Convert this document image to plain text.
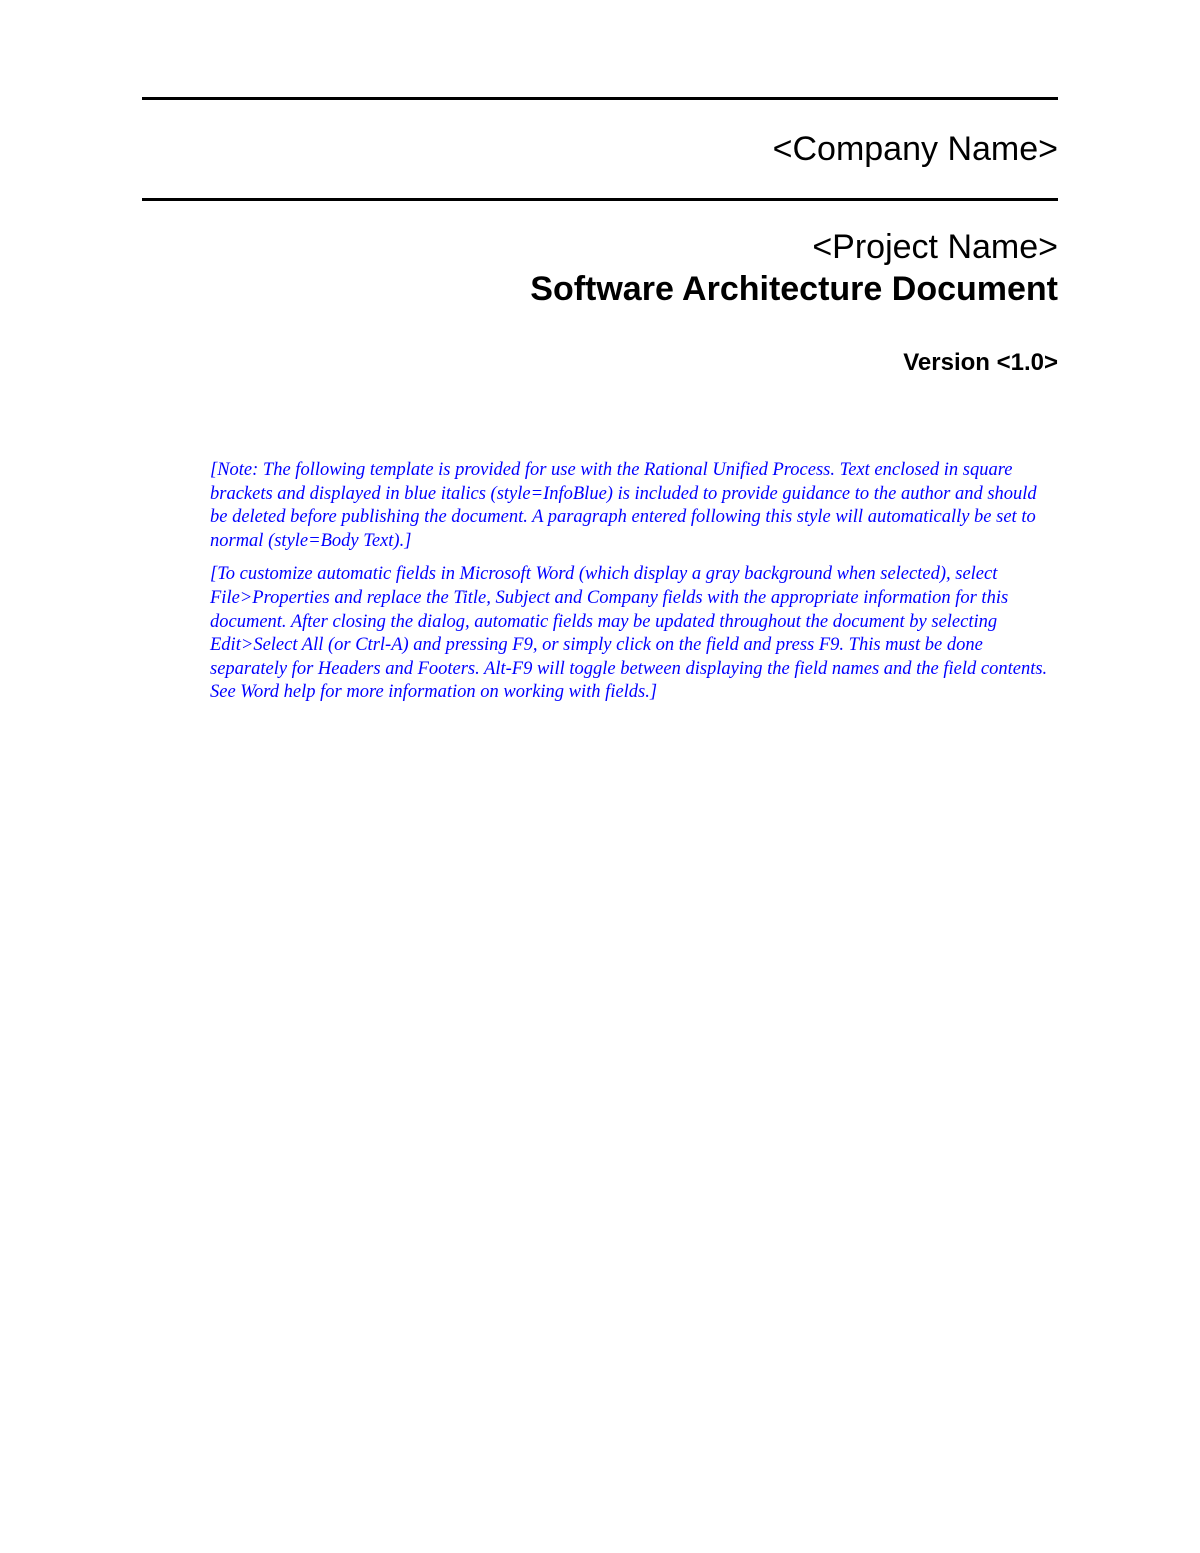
<Company Name>
<Project Name>
Software Architecture Document
Version <1.0>

[Note: The following template is provided for use with the Rational Unified Process. Text enclosed in square brackets and displayed in blue italics (style=InfoBlue) is included to provide guidance to the author and should be deleted before publishing the document. A paragraph entered following this style will automatically be set to normal (style=Body Text).]

[To customize automatic fields in Microsoft Word (which display a gray background when selected), select File>Properties and replace the Title, Subject and Company fields with the appropriate information for this document. After closing the dialog, automatic fields may be updated throughout the document by selecting Edit>Select All (or Ctrl-A) and pressing F9, or simply click on the field and press F9. This must be done separately for Headers and Footers. Alt-F9 will toggle between displaying the field names and the field contents. See Word help for more information on working with fields.]
